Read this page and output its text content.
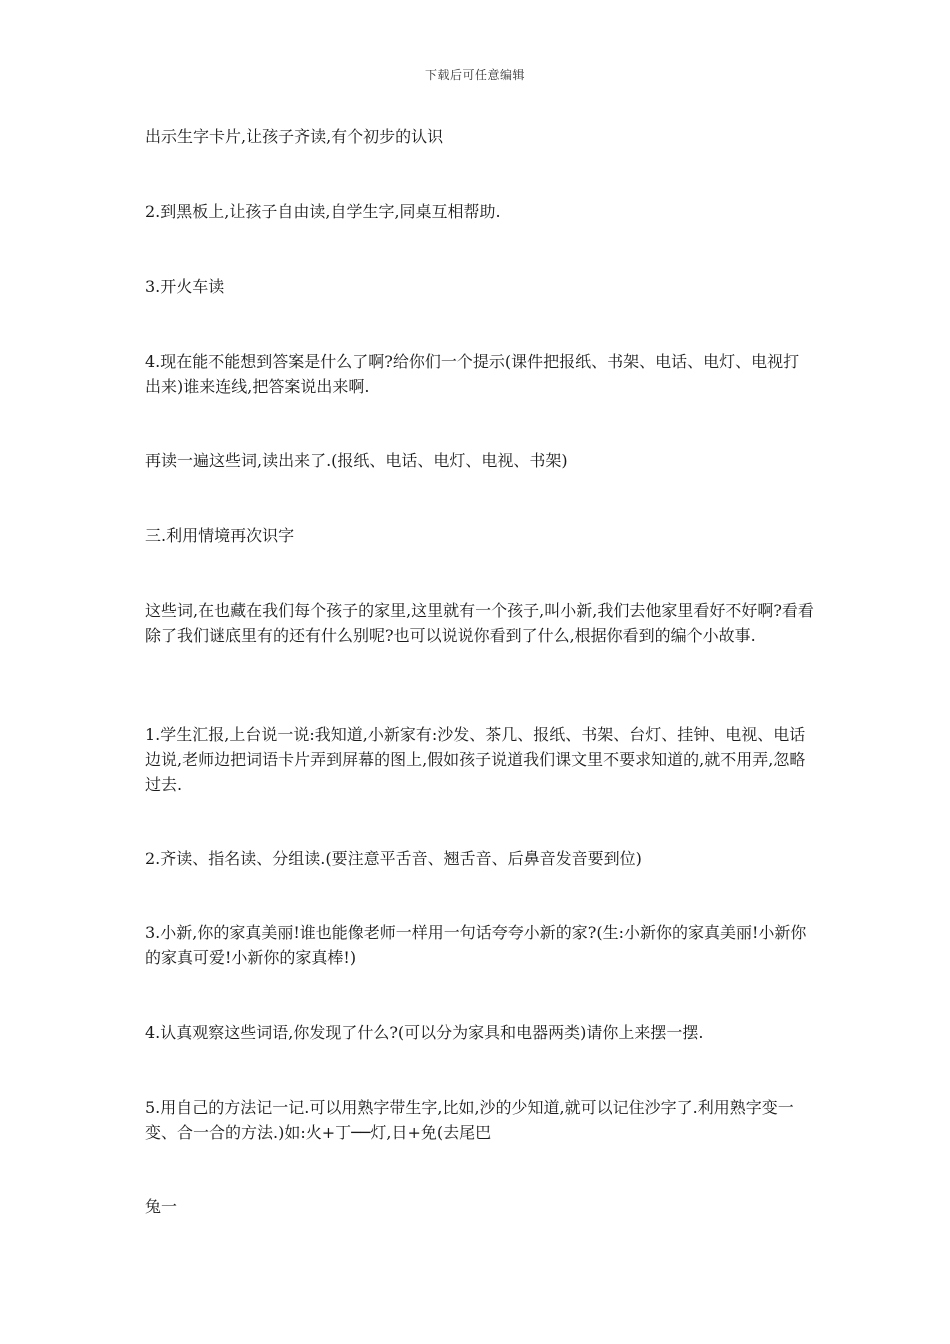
下载后可任意编辑

出示生字卡片,让孩子齐读,有个初步的认识

2.到黑板上,让孩子自由读,自学生字,同桌互相帮助.

3.开火车读

4.现在能不能想到答案是什么了啊?给你们一个提示(课件把报纸、书架、电话、电灯、电视打出来)谁来连线,把答案说出来啊.

再读一遍这些词,读出来了.(报纸、电话、电灯、电视、书架)

三.利用情境再次识字

这些词,在也藏在我们每个孩子的家里,这里就有一个孩子,叫小新,我们去他家里看好不好啊?看看除了我们谜底里有的还有什么别呢?也可以说说你看到了什么,根据你看到的编个小故事.

1.学生汇报,上台说一说:我知道,小新家有:沙发、茶几、报纸、书架、台灯、挂钟、电视、电话边说,老师边把词语卡片弄到屏幕的图上,假如孩子说道我们课文里不要求知道的,就不用弄,忽略过去.

2.齐读、指名读、分组读.(要注意平舌音、翘舌音、后鼻音发音要到位)

3.小新,你的家真美丽!谁也能像老师一样用一句话夸夸小新的家?(生:小新你的家真美丽!小新你的家真可爱!小新你的家真棒!)

4.认真观察这些词语,你发现了什么?(可以分为家具和电器两类)请你上来摆一摆.

5.用自己的方法记一记.可以用熟字带生字,比如,沙的少知道,就可以记住沙字了.利用熟字变一变、合一合的方法.)如:火+丁──灯,日+免(去尾巴

兔一
